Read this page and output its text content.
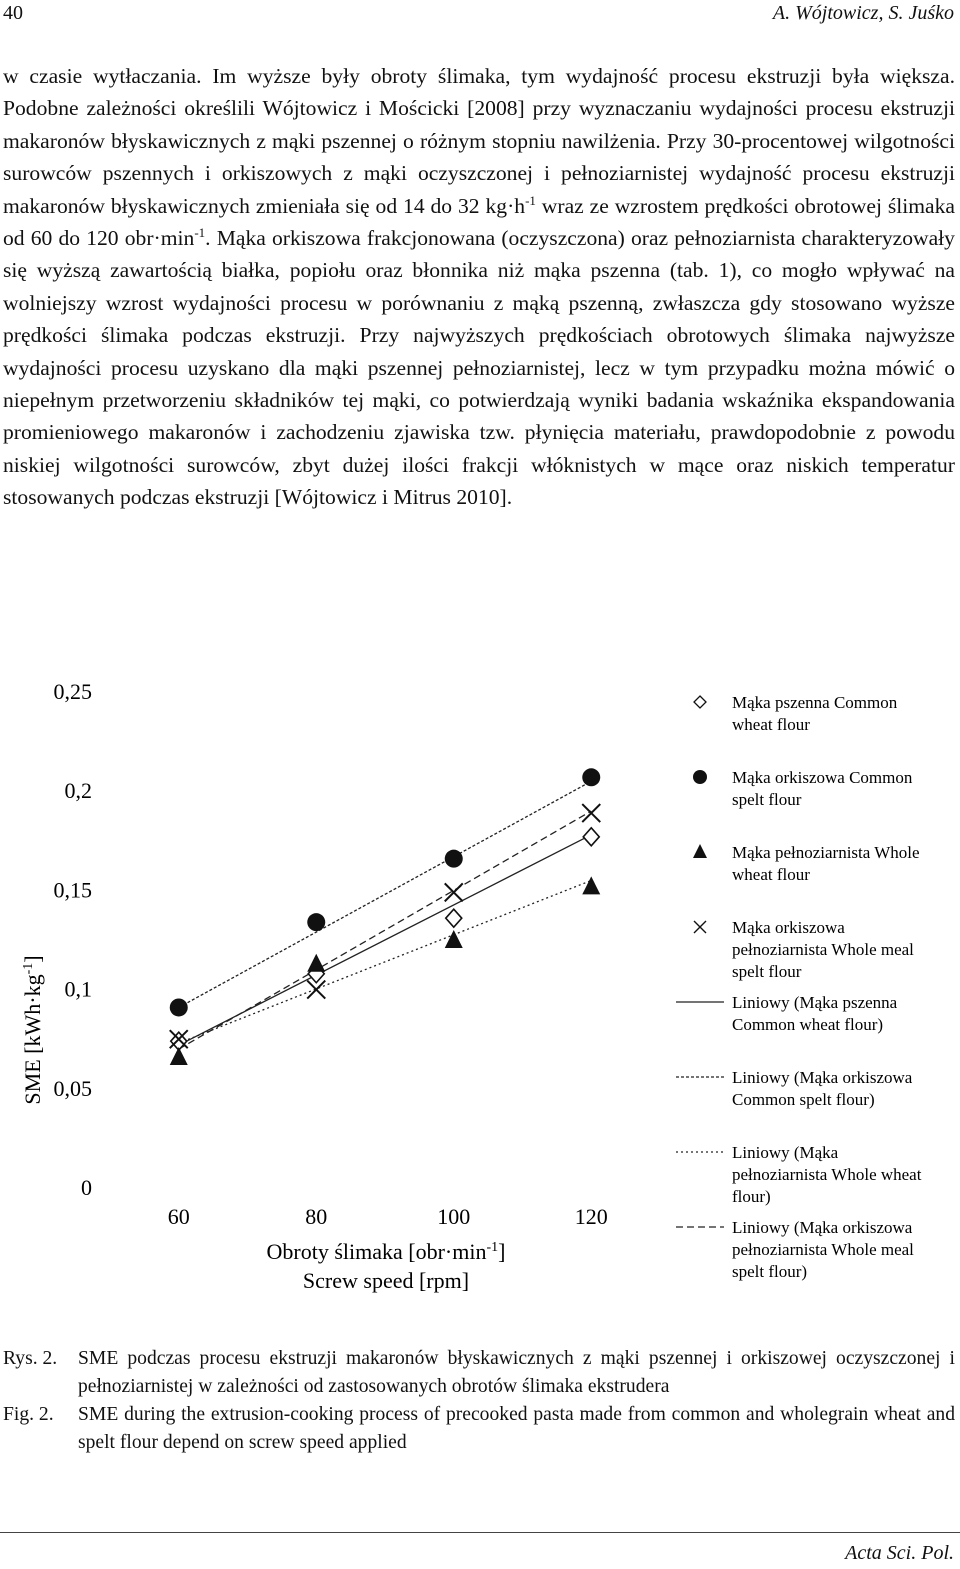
40	A. Wójtowicz, S. Juśko

w czasie wytłaczania. Im wyższe były obroty ślimaka, tym wydajność procesu ekstruzji była większa. Podobne zależności określili Wójtowicz i Mościcki [2008] przy wyznaczaniu wydajności procesu ekstruzji makaronów błyskawicznych z mąki pszennej o różnym stopniu nawilżenia. Przy 30-procentowej wilgotności surowców pszennych i orkiszowych z mąki oczyszczonej i pełnoziarnistej wydajność procesu ekstruzji makaronów błyskawicznych zmieniała się od 14 do 32 $kg\cdot h^{-1}$ wraz ze wzrostem prędkości obrotowej ślimaka od 60 do 120 $obr\cdot\min^{-1}$. Mąka orkiszowa frakcjonowana (oczyszczona) oraz pełnoziarnista charakteryzowały się wyższą zawartością białka, popiołu oraz błonnika niż mąka pszenna (tab. 1), co mogło wpływać na wolniejszy wzrost wydajności procesu w porównaniu z mąką pszenną, zwłaszcza gdy stosowano wyższe prędkości ślimaka podczas ekstruzji. Przy najwyższych prędkościach obrotowych ślimaka najwyższe wydajności procesu uzyskano dla mąki pszennej pełnoziarnistej, lecz w tym przypadku można mówić o niepełnym przetworzeniu składników tej mąki, co potwierdzają wyniki badania wskaźnika ekspandowania promieniowego makaronów i zachodzeniu zjawiska tzw. płynięcia materiału, prawdopodobnie z powodu niskiej wilgotności surowców, zbyt dużej ilości frakcji włóknistych w mące oraz niskich temperatur stosowanych podczas ekstruzji [Wójtowicz i Mitrus 2010].

SME $[kWh\cdot kg^{-1}]$
0
0,05
0,1
0,15
0,2
0,25
60	80	100	120
Obroty ślimaka $[obr\cdot\min^{-1}]$
Screw speed [rpm]
Mąka pszenna Common
wheat flour
Mąka orkiszowa Common
spelt flour
Mąka pełnoziarnista Whole
wheat flour
Mąka orkiszowa
pełnoziarnista Whole meal
spelt flour
Liniowy (Mąka pszenna
Common wheat flour)
Liniowy (Mąka orkiszowa
Common spelt flour)
Liniowy (Mąka
pełnoziarnista Whole wheat
flour)
Liniowy (Mąka orkiszowa
pełnoziarnista Whole meal
spelt flour)
Rys. 2.	SME podczas procesu ekstruzji makaronów błyskawicznych z mąki pszennej i orkiszowej oczyszczonej i pełnoziarnistej w zależności od zastosowanych obrotów ślimaka ekstrudera
Fig. 2.	SME during the extrusion-cooking process of precooked pasta made from common and wholegrain wheat and spelt flour depend on screw speed applied
Acta Sci. Pol.
